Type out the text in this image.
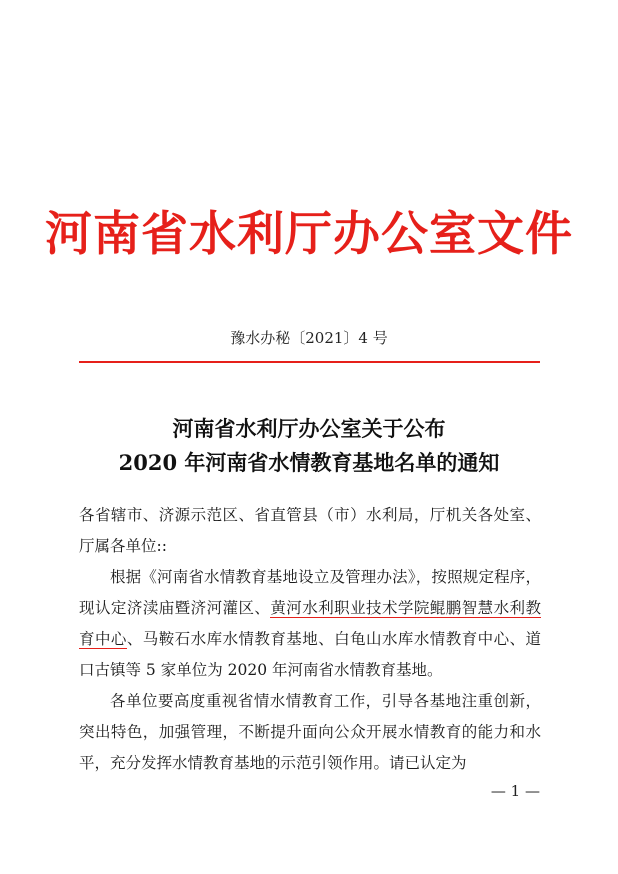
河南省水利厅办公室文件
豫水办秘〔2021〕4 号
河南省水利厅办公室关于公布
2020 年河南省水情教育基地名单的通知

各省辖市、济源示范区、省直管县（市）水利局，厅机关各处室、厅属各单位::

根据《河南省水情教育基地设立及管理办法》，按照规定程序，现认定济渎庙暨济河灌区、黄河水利职业技术学院鲲鹏智慧水利教育中心、马鞍石水库水情教育基地、白龟山水库水情教育中心、道口古镇等 5 家单位为 2020 年河南省水情教育基地。

各单位要高度重视省情水情教育工作，引导各基地注重创新，突出特色，加强管理，不断提升面向公众开展水情教育的能力和水平，充分发挥水情教育基地的示范引领作用。请已认定为

— 1 —
